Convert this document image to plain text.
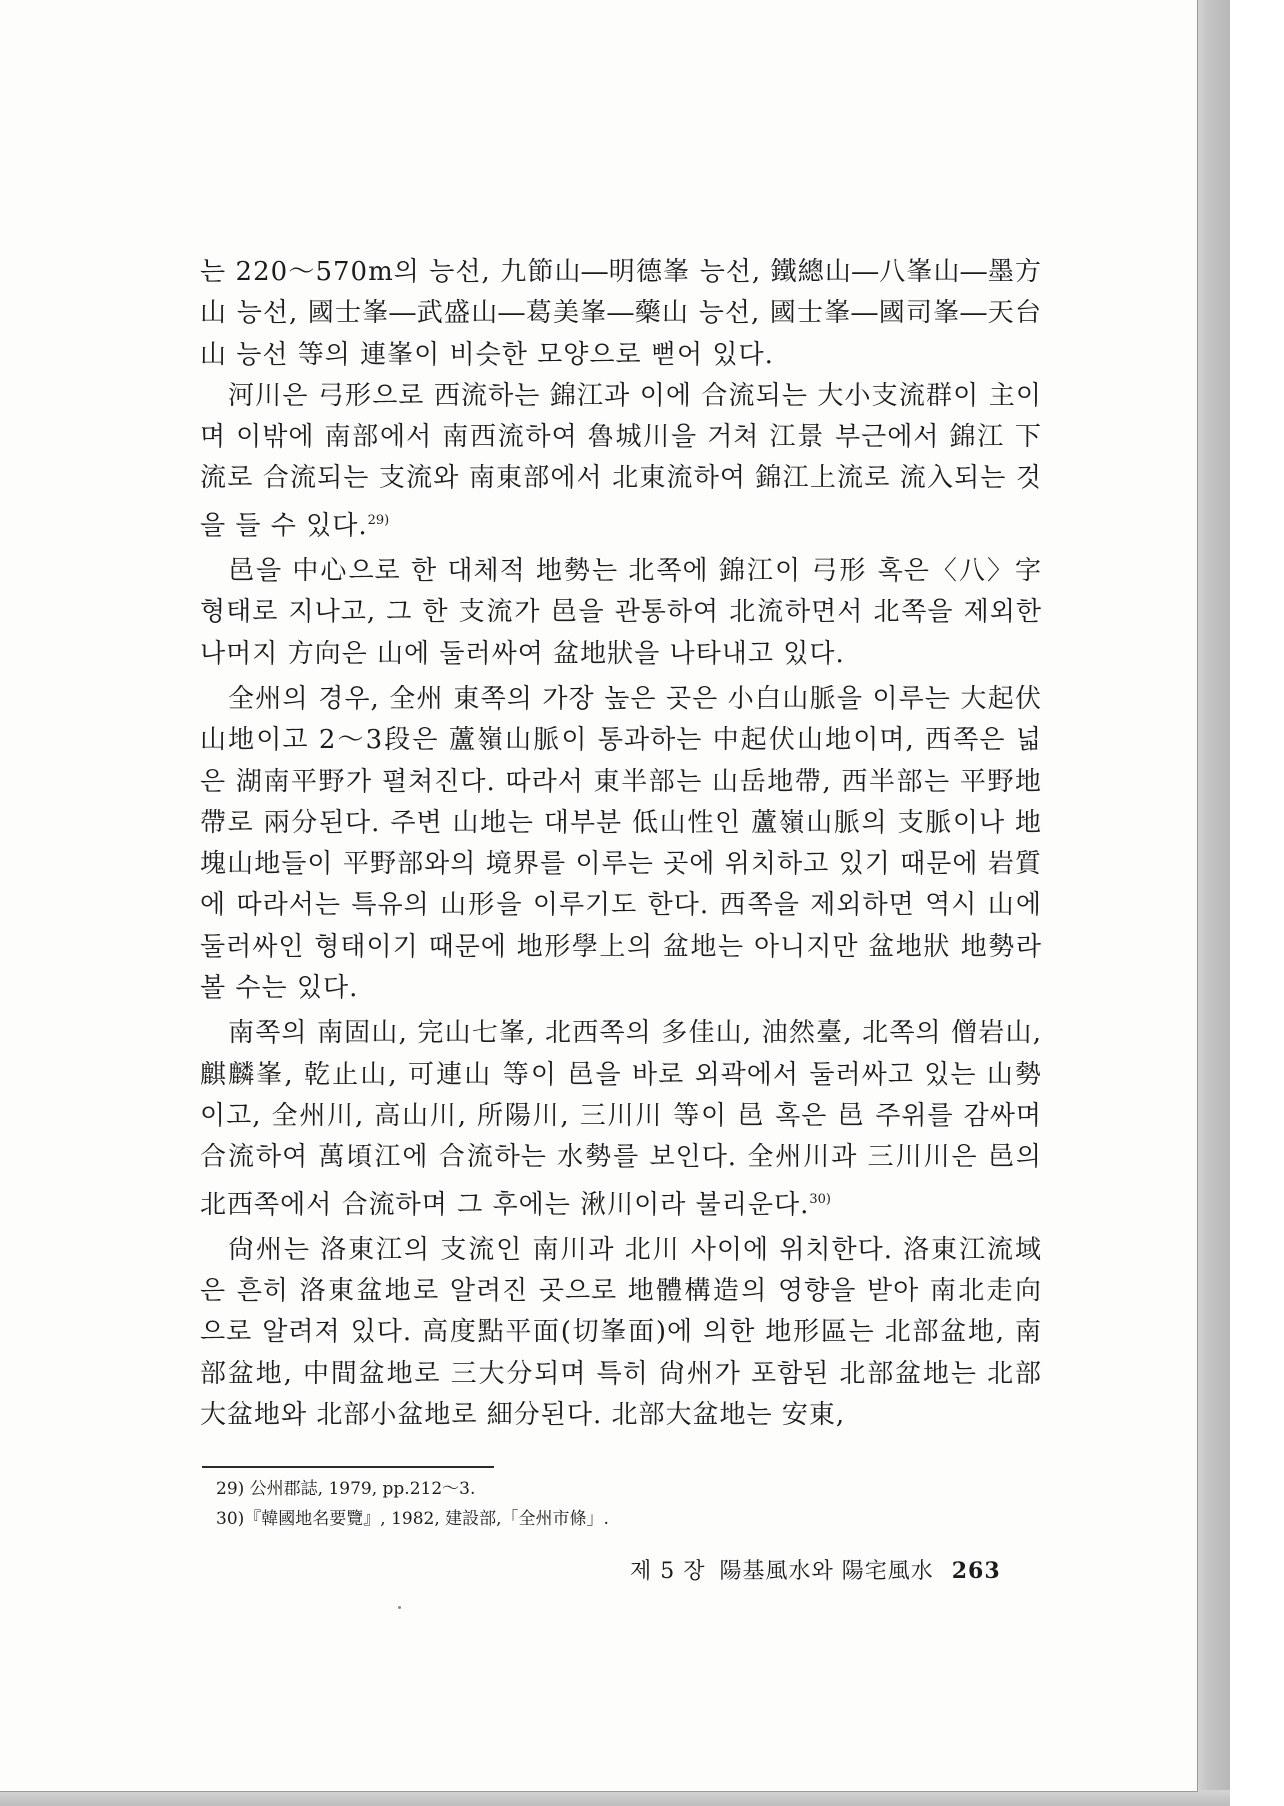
는 220～570m의 능선, 九節山―明德峯 능선, 鐵總山―八峯山―墨方山 능선, 國士峯―武盛山―葛美峯―藥山 능선, 國士峯―國司峯―天台山 능선 等의 連峯이 비슷한 모양으로 뻗어 있다.

河川은 弓形으로 西流하는 錦江과 이에 合流되는 大小支流群이 主이며 이밖에 南部에서 南西流하여 魯城川을 거쳐 江景 부근에서 錦江 下流로 合流되는 支流와 南東部에서 北東流하여 錦江上流로 流入되는 것을 들 수 있다.$^{29)}$

邑을 中心으로 한 대체적 地勢는 北쪽에 錦江이 弓形 혹은〈八〉字 형태로 지나고, 그 한 支流가 邑을 관통하여 北流하면서 北쪽을 제외한 나머지 方向은 山에 둘러싸여 盆地狀을 나타내고 있다.

全州의 경우, 全州 東쪽의 가장 높은 곳은 小白山脈을 이루는 大起伏山地이고 2～3段은 蘆嶺山脈이 통과하는 中起伏山地이며, 西쪽은 넓은 湖南平野가 펼쳐진다. 따라서 東半部는 山岳地帶, 西半部는 平野地帶로 兩分된다. 주변 山地는 대부분 低山性인 蘆嶺山脈의 支脈이나 地塊山地들이 平野部와의 境界를 이루는 곳에 위치하고 있기 때문에 岩質에 따라서는 특유의 山形을 이루기도 한다. 西쪽을 제외하면 역시 山에 둘러싸인 형태이기 때문에 地形學上의 盆地는 아니지만 盆地狀 地勢라 볼 수는 있다.

南쪽의 南固山, 完山七峯, 北西쪽의 多佳山, 油然臺, 北쪽의 僧岩山, 麒麟峯, 乾止山, 可連山 等이 邑을 바로 외곽에서 둘러싸고 있는 山勢이고, 全州川, 高山川, 所陽川, 三川川 等이 邑 혹은 邑 주위를 감싸며 合流하여 萬頃江에 合流하는 水勢를 보인다. 全州川과 三川川은 邑의 北西쪽에서 合流하며 그 후에는 湫川이라 불리운다.$^{30)}$

尙州는 洛東江의 支流인 南川과 北川 사이에 위치한다. 洛東江流域은 흔히 洛東盆地로 알려진 곳으로 地體構造의 영향을 받아 南北走向으로 알려져 있다. 高度點平面(切峯面)에 의한 地形區는 北部盆地, 南部盆地, 中間盆地로 三大分되며 특히 尙州가 포함된 北部盆地는 北部大盆地와 北部小盆地로 細分된다. 北部大盆地는 安東,

29) 公州郡誌, 1979, pp.212～3.
30)『韓國地名要覽』, 1982, 建設部,「全州市條」.
제 5 장 陽基風水와 陽宅風水 263
